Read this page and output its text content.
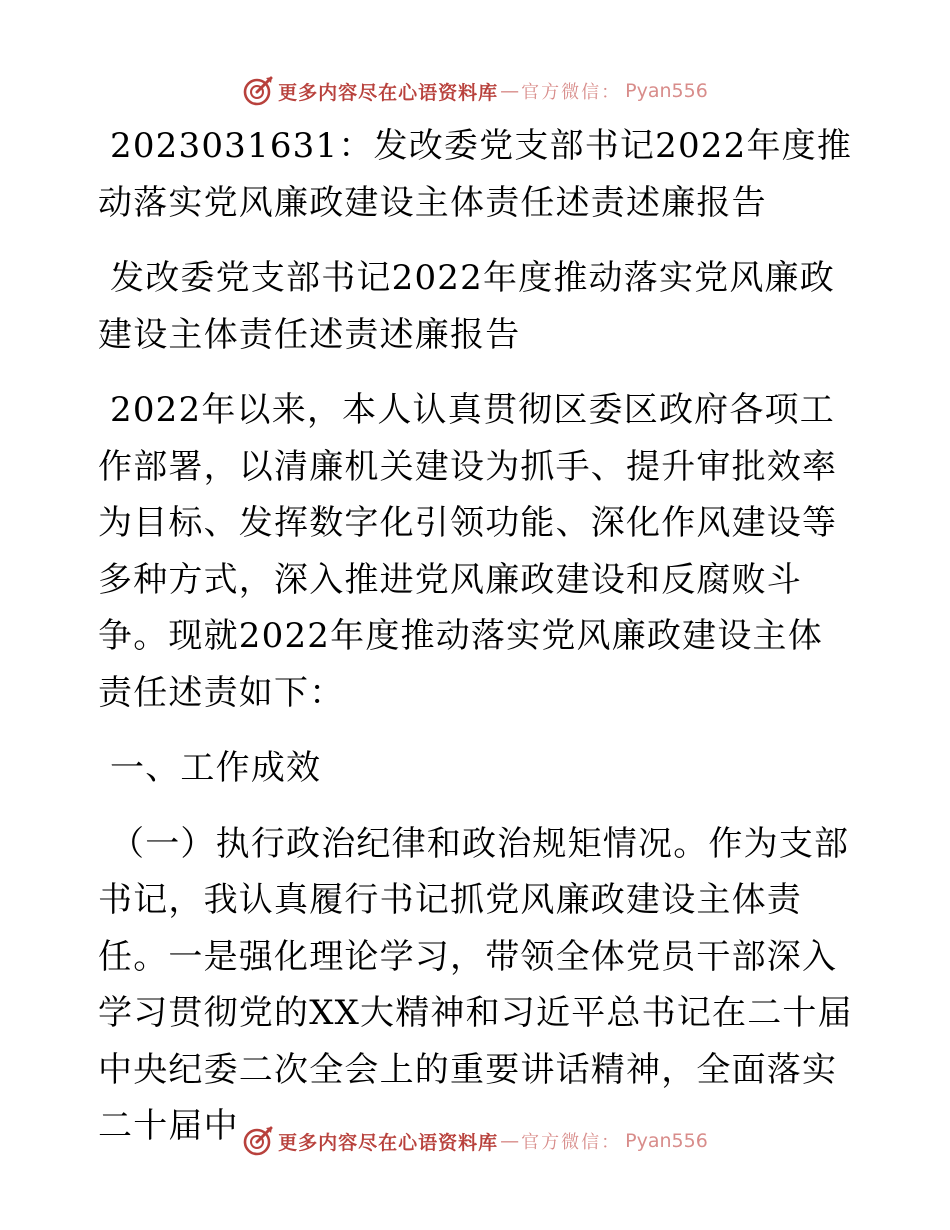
更多内容尽在心语资料库 — 官方微信： Pyan556

2023031631：发改委党支部书记2022年度推动落实党风廉政建设主体责任述责述廉报告

发改委党支部书记2022年度推动落实党风廉政建设主体责任述责述廉报告

2022年以来，本人认真贯彻区委区政府各项工作部署，以清廉机关建设为抓手、提升审批效率为目标、发挥数字化引领功能、深化作风建设等多种方式，深入推进党风廉政建设和反腐败斗争。现就2022年度推动落实党风廉政建设主体责任述责如下：

一、工作成效

（一）执行政治纪律和政治规矩情况。作为支部书记，我认真履行书记抓党风廉政建设主体责任。一是强化理论学习，带领全体党员干部深入学习贯彻党的XX大精神和习近平总书记在二十届中央纪委二次全会上的重要讲话精神，全面落实二十届中	更多内容尽在心语资料库 — 官方微信： Pyan556
